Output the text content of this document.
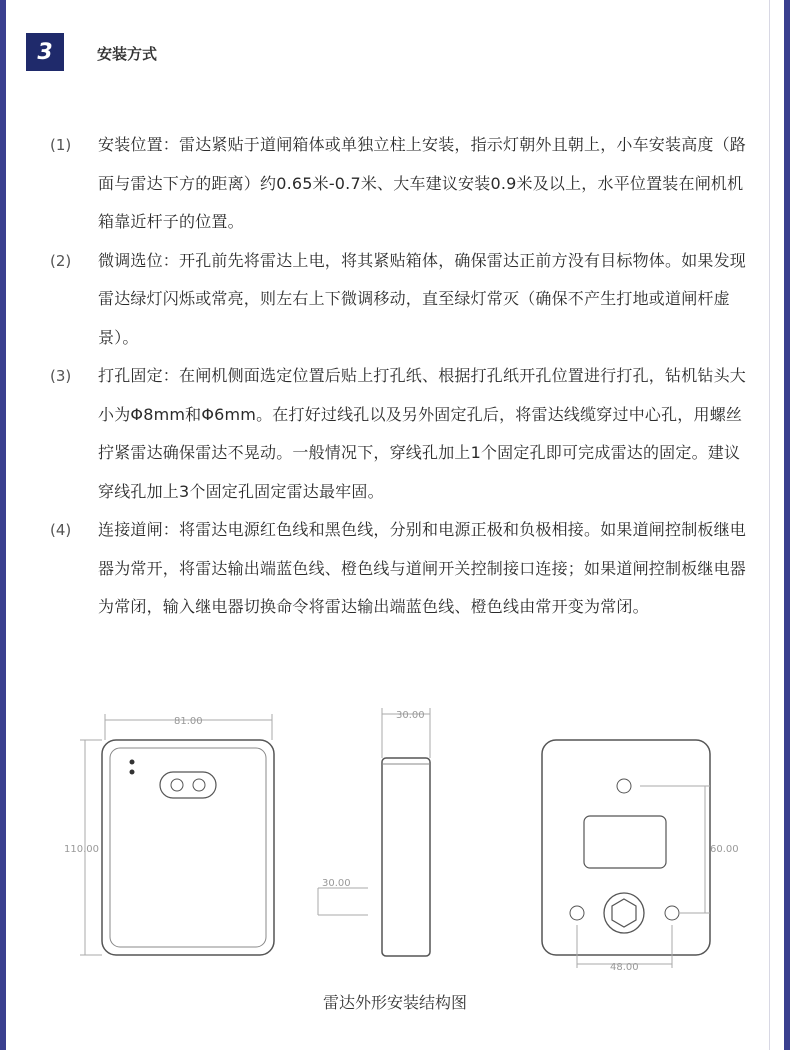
3	安装方式
(1)	安装位置：雷达紧贴于道闸箱体或单独立柱上安装，指示灯朝外且朝上，小车安装高度（路面与雷达下方的距离）约0.65米-0.7米、大车建议安装0.9米及以上，水平位置装在闸机机箱靠近杆子的位置。
(2)	微调选位：开孔前先将雷达上电，将其紧贴箱体，确保雷达正前方没有目标物体。如果发现雷达绿灯闪烁或常亮，则左右上下微调移动，直至绿灯常灭（确保不产生打地或道闸杆虚景）。
(3)	打孔固定：在闸机侧面选定位置后贴上打孔纸、根据打孔纸开孔位置进行打孔，钻机钻头大小为Φ8mm和Φ6mm。在打好过线孔以及另外固定孔后，将雷达线缆穿过中心孔，用螺丝拧紧雷达确保雷达不晃动。一般情况下，穿线孔加上1个固定孔即可完成雷达的固定。建议穿线孔加上3个固定孔固定雷达最牢固。
(4)	连接道闸：将雷达电源红色线和黑色线，分别和电源正极和负极相接。如果道闸控制板继电器为常开，将雷达输出端蓝色线、橙色线与道闸开关控制接口连接；如果道闸控制板继电器为常闭，输入继电器切换命令将雷达输出端蓝色线、橙色线由常开变为常闭。
81.00
110.00
30.00
30.00
60.00
48.00
雷达外形安装结构图
